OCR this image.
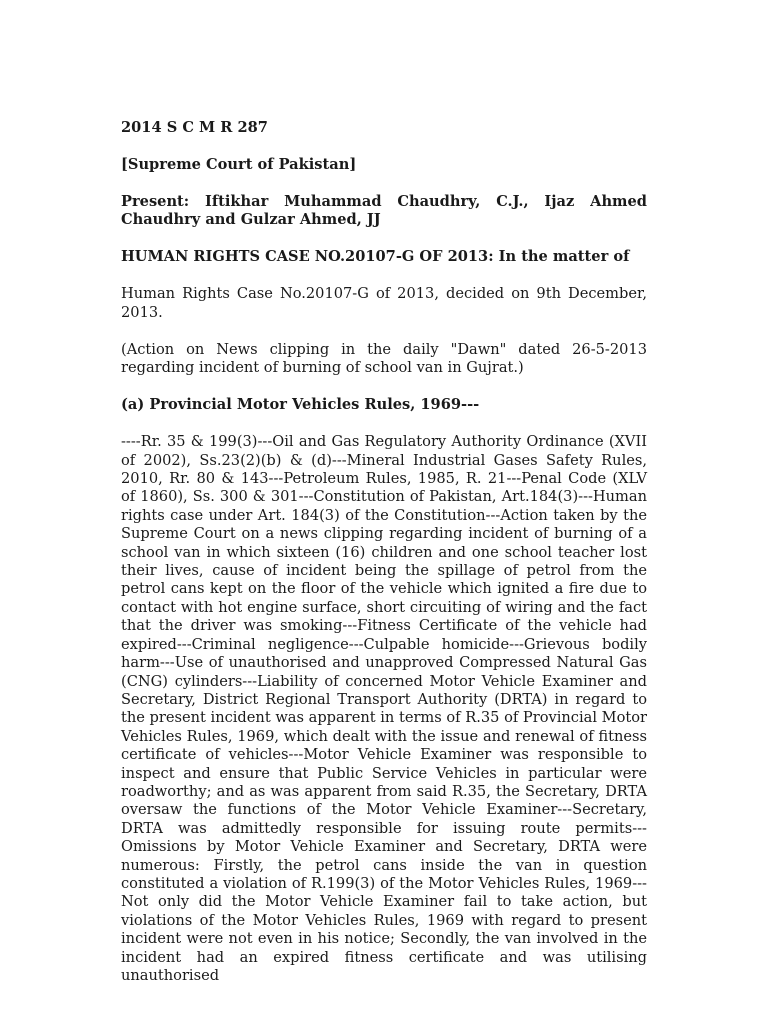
2014 S C M R 287

[Supreme Court of Pakistan]

Present: Iftikhar Muhammad Chaudhry, C.J., Ijaz Ahmed Chaudhry and Gulzar Ahmed, JJ

HUMAN RIGHTS CASE NO.20107-G OF 2013: In the matter of

Human Rights Case No.20107-G of 2013, decided on 9th December, 2013.

(Action on News clipping in the daily "Dawn" dated 26-5-2013 regarding incident of burning of school van in Gujrat.)

(a) Provincial Motor Vehicles Rules, 1969---

----Rr. 35 & 199(3)---Oil and Gas Regulatory Authority Ordinance (XVII of 2002), Ss.23(2)(b) & (d)---Mineral Industrial Gases Safety Rules, 2010, Rr. 80 & 143---Petroleum Rules, 1985, R. 21---Penal Code (XLV of 1860), Ss. 300 & 301---Constitution of Pakistan, Art.184(3)---Human rights case under Art. 184(3) of the Constitution---Action taken by the Supreme Court on a news clipping regarding incident of burning of a school van in which sixteen (16) children and one school teacher lost their lives, cause of incident being the spillage of petrol from the petrol cans kept on the floor of the vehicle which ignited a fire due to contact with hot engine surface, short circuiting of wiring and the fact that the driver was smoking---Fitness Certificate of the vehicle had expired---Criminal negligence---Culpable homicide---Grievous bodily harm---Use of unauthorised and unapproved Compressed Natural Gas (CNG) cylinders---Liability of concerned Motor Vehicle Examiner and Secretary, District Regional Transport Authority (DRTA) in regard to the present incident was apparent in terms of R.35 of Provincial Motor Vehicles Rules, 1969, which dealt with the issue and renewal of fitness certificate of vehicles---Motor Vehicle Examiner was responsible to inspect and ensure that Public Service Vehicles in particular were roadworthy; and as was apparent from said R.35, the Secretary, DRTA oversaw the functions of the Motor Vehicle Examiner---Secretary, DRTA was admittedly responsible for issuing route permits---Omissions by Motor Vehicle Examiner and Secretary, DRTA were numerous: Firstly, the petrol cans inside the van in question constituted a violation of R.199(3) of the Motor Vehicles Rules, 1969---Not only did the Motor Vehicle Examiner fail to take action, but violations of the Motor Vehicles Rules, 1969 with regard to present incident were not even in his notice; Secondly, the van involved in the incident had an expired fitness certificate and was utilising unauthorised
